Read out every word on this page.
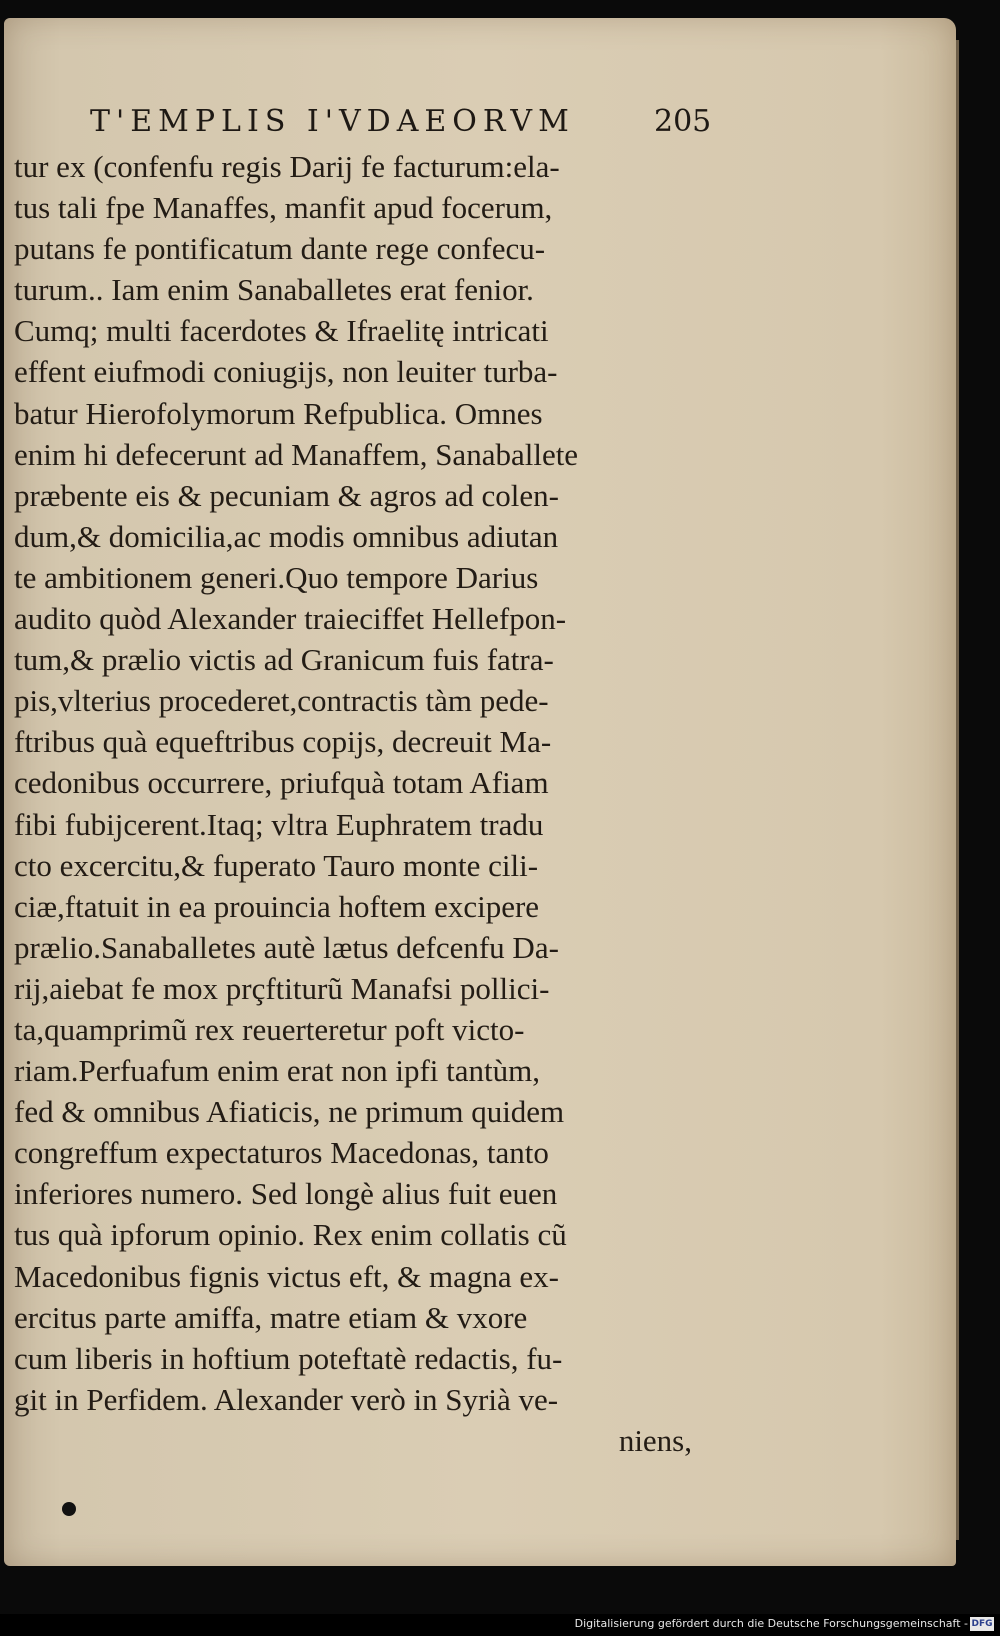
T'EMPLIS I'VDAEORVM	205
tur ex (confenfu regis Darij fe facturum:ela-
tus tali fpe Manaffes, manfit apud focerum,
putans fe pontificatum dante rege confecu-
turum.. Iam enim Sanaballetes erat fenior.
Cumq; multi facerdotes & Ifraelitę intricati
effent eiufmodi coniugijs, non leuiter turba-
batur Hierofolymorum Refpublica. Omnes
enim hi defecerunt ad Manaffem, Sanaballete
præbente eis & pecuniam & agros ad colen-
dum,& domicilia,ac modis omnibus adiutan
te ambitionem generi.Quo tempore Darius
audito quòd Alexander traieciffet Hellefpon-
tum,& prælio victis ad Granicum fuis fatra-
pis,vlterius procederet,contractis tàm pede-
ftribus quà equeftribus copijs, decreuit Ma-
cedonibus occurrere, priufquà totam Afiam
fibi fubijcerent.Itaq; vltra Euphratem tradu
cto excercitu,& fuperato Tauro monte cili-
ciæ,ftatuit in ea prouincia hoftem excipere
prælio.Sanaballetes autè lætus defcenfu Da-
rij,aiebat fe mox prçftiturũ Manafsi pollici-
ta,quamprimũ rex reuerteretur poft victo-
riam.Perfuafum enim erat non ipfi tantùm,
fed & omnibus Afiaticis, ne primum quidem
congreffum expectaturos Macedonas, tanto
inferiores numero. Sed longè alius fuit euen
tus quà ipforum opinio. Rex enim collatis cũ
Macedonibus fignis victus eft, & magna ex-
ercitus parte amiffa, matre etiam & vxore
cum liberis in hoftium poteftatè redactis, fu-
git in Perfidem. Alexander verò in Syrià ve-
niens,
Digitalisierung gefördert durch die Deutsche Forschungsgemeinschaft - DFG
